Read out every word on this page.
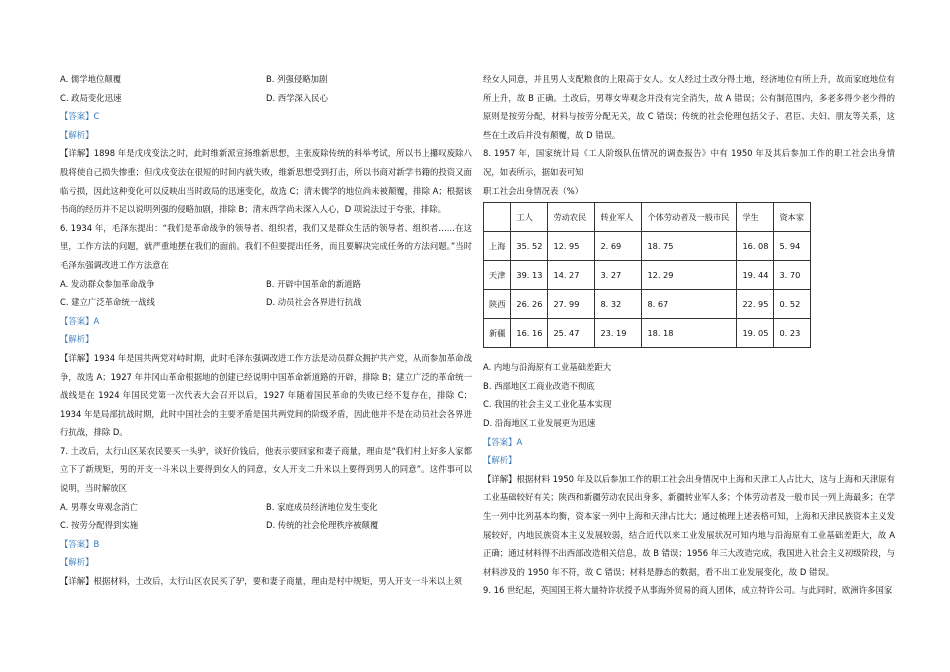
A. 儒学地位颠覆	B. 列强侵略加剧
C. 政局变化迅速	D. 西学深入民心

【答案】C

【解析】

【详解】1898 年是戊戌变法之时，此时维新派宣扬维新思想，主张废除传统的科举考试，所以书上攥叹废除八股将使自己损失惨重；但戊戌变法在很短的时间内就失败，维新思想受到打击，所以书商对新学书籍的投资又面临亏损，因此这种变化可以反映出当时政局的迅速变化，故选 C；清末儒学的地位尚未被颠覆，排除 A；根据该书商的经历并不足以说明列强的侵略加剧，排除 B；清末西学尚未深入人心，D 项说法过于夸张，排除。

6. 1934 年，毛泽东提出：“我们是革命战争的领导者、组织者，我们又是群众生活的领导者、组织者……在这里，工作方法的问题，就严重地摆在我们的面前。我们不但要提出任务，而且要解决完成任务的方法问题。”当时毛泽东强调改进工作方法意在

A. 发动群众参加革命战争	B. 开辟中国革命的新道路
C. 建立广泛革命统一战线	D. 动员社会各界进行抗战

【答案】A

【解析】

【详解】1934 年是国共两党对峙时期，此时毛泽东强调改进工作方法是动员群众拥护共产党，从而参加革命战争，故选 A；1927 年井冈山革命根据地的创建已经说明中国革命新道路的开辟，排除 B；建立广泛的革命统一战线是在 1924 年国民党第一次代表大会召开以后，1927 年随着国民革命的失败已经不复存在，排除 C；1934 年是局部抗战时期，此时中国社会的主要矛盾是国共两党间的阶级矛盾，因此他并不是在动员社会各界进行抗战，排除 D。

7. 土改后，太行山区某农民要买一头驴，谈好价钱后，他表示要回家和妻子商量，理由是“我们村上好多人家都立下了新规矩，男的开支一斗米以上要得到女人的同意，女人开支二升米以上要得到男人的同意”。这件事可以说明，当时解放区

A. 男尊女卑观念消亡	B. 家庭成员经济地位发生变化
C. 按劳分配得到实施	D. 传统的社会伦理秩序被颠覆

【答案】B

【解析】

【详解】根据材料，土改后，太行山区农民买了驴，要和妻子商量，理由是村中规矩，男人开支一斗米以上须

经女人同意，并且男人支配粮食的上限高于女人。女人经过土改分得土地，经济地位有所上升，故而家庭地位有所上升，故 B 正确。土改后，男尊女卑观念并没有完全消失，故 A 错误；公有制范围内，多老多得少老少得的原则是按劳分配，材料与按劳分配无关，故 C 错误；传统的社会伦理包括父子、君臣、夫妇、朋友等关系，这些在土改后并没有颠覆，故 D 错误。

8. 1957 年，国家统计局《工人阶级队伍情况的调查报告》中有 1950 年及其后参加工作的职工社会出身情况，如表所示，据如表可知

职工社会出身情况表（%）

	工人	劳动农民	转业军人	个体劳动者及一般市民	学生	资本家
上海	35. 52	12. 95	2. 69	18. 75	16. 08	5. 94
天津	39. 13	14. 27	3. 27	12. 29	19. 44	3. 70
陕西	26. 26	27. 99	8. 32	8. 67	22. 95	0. 52
新疆	16. 16	25. 47	23. 19	18. 18	19. 05	0. 23
A. 内地与沿海原有工业基础差距大
B. 西部地区工商业改造不彻底
C. 我国的社会主义工业化基本实现
D. 沿海地区工业发展更为迅速

【答案】A

【解析】

【详解】根据材料 1950 年及以后参加工作的职工社会出身情况中上海和天津工人占比大，这与上海和天津原有工业基础较好有关；陕西和新疆劳动农民出身多，新疆转业军人多；个体劳动者及一般市民一列上海最多；在学生一列中比列基本均衡，资本家一列中上海和天津占比大；通过梳理上述表格可知，上海和天津民族资本主义发展较好，内地民族资本主义发展较弱，结合近代以来工业发展状况可知内地与沿海原有工业基础差距大，故 A 正确；通过材料得不出西部改造相关信息，故 B 错误；1956 年三大改造完成，我国进入社会主义初级阶段，与材料涉及的 1950 年不符，故 C 错误；材料是静态的数据，看不出工业发展变化，故 D 错误。

9. 16 世纪起，英国国王将大量特许状授予从事海外贸易的商人团体，成立特许公司。与此同时，欧洲许多国家
